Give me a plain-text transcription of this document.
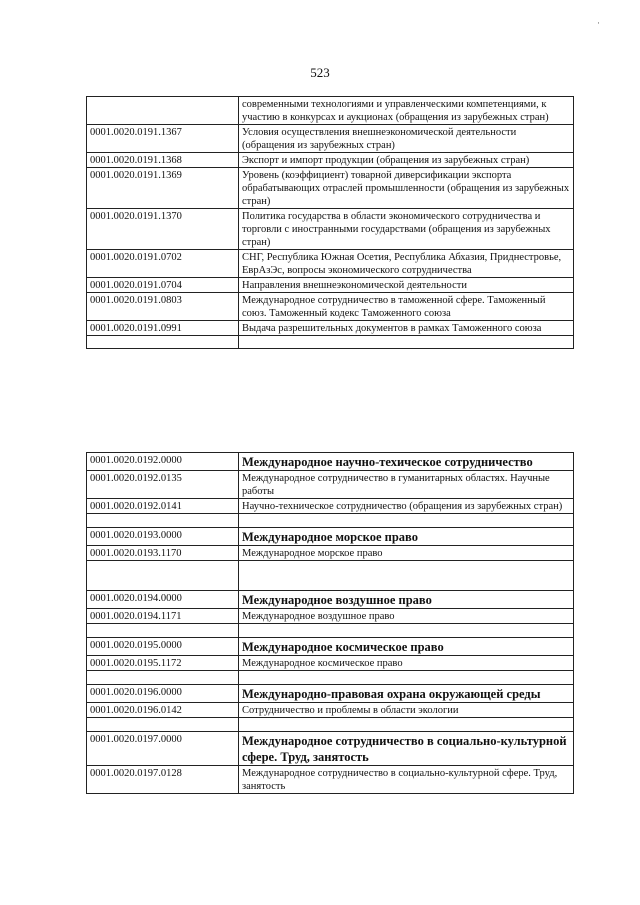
·
523
	современными технологиями и управленческими компетенциями, к участию в конкурсах и аукционах (обращения из зарубежных стран)
0001.0020.0191.1367	Условия осуществления внешнеэкономической деятельности (обращения из зарубежных стран)
0001.0020.0191.1368	Экспорт и импорт продукции (обращения из зарубежных стран)
0001.0020.0191.1369	Уровень (коэффициент) товарной диверсификации экспорта обрабатывающих отраслей промышленности (обращения из зарубежных стран)
0001.0020.0191.1370	Политика государства в области экономического сотрудничества и торговли с иностранными государствами (обращения из зарубежных стран)
0001.0020.0191.0702	СНГ, Республика Южная Осетия, Республика Абхазия, Приднестровье, ЕврАзЭс, вопросы экономического сотрудничества
0001.0020.0191.0704	Направления внешнеэкономической деятельности
0001.0020.0191.0803	Международное сотрудничество в таможенной сфере. Таможенный союз. Таможенный кодекс Таможенного союза
0001.0020.0191.0991	Выдача разрешительных документов в рамках Таможенного союза

0001.0020.0192.0000	Международное научно-техическое сотрудничество
0001.0020.0192.0135	Международное сотрудничество в гуманитарных областях. Научные работы
0001.0020.0192.0141	Научно-техническое сотрудничество (обращения из зарубежных стран)

0001.0020.0193.0000	Международное морское право
0001.0020.0193.1170	Международное морское право

0001.0020.0194.0000	Международное воздушное право
0001.0020.0194.1171	Международное воздушное право

0001.0020.0195.0000	Международное космическое право
0001.0020.0195.1172	Международное космическое право

0001.0020.0196.0000	Международно-правовая охрана окружающей среды
0001.0020.0196.0142	Сотрудничество и проблемы в области экологии

0001.0020.0197.0000	Международное сотрудничество в социально-культурной сфере. Труд, занятость
0001.0020.0197.0128	Международное сотрудничество в социально-культурной сфере. Труд, занятость
